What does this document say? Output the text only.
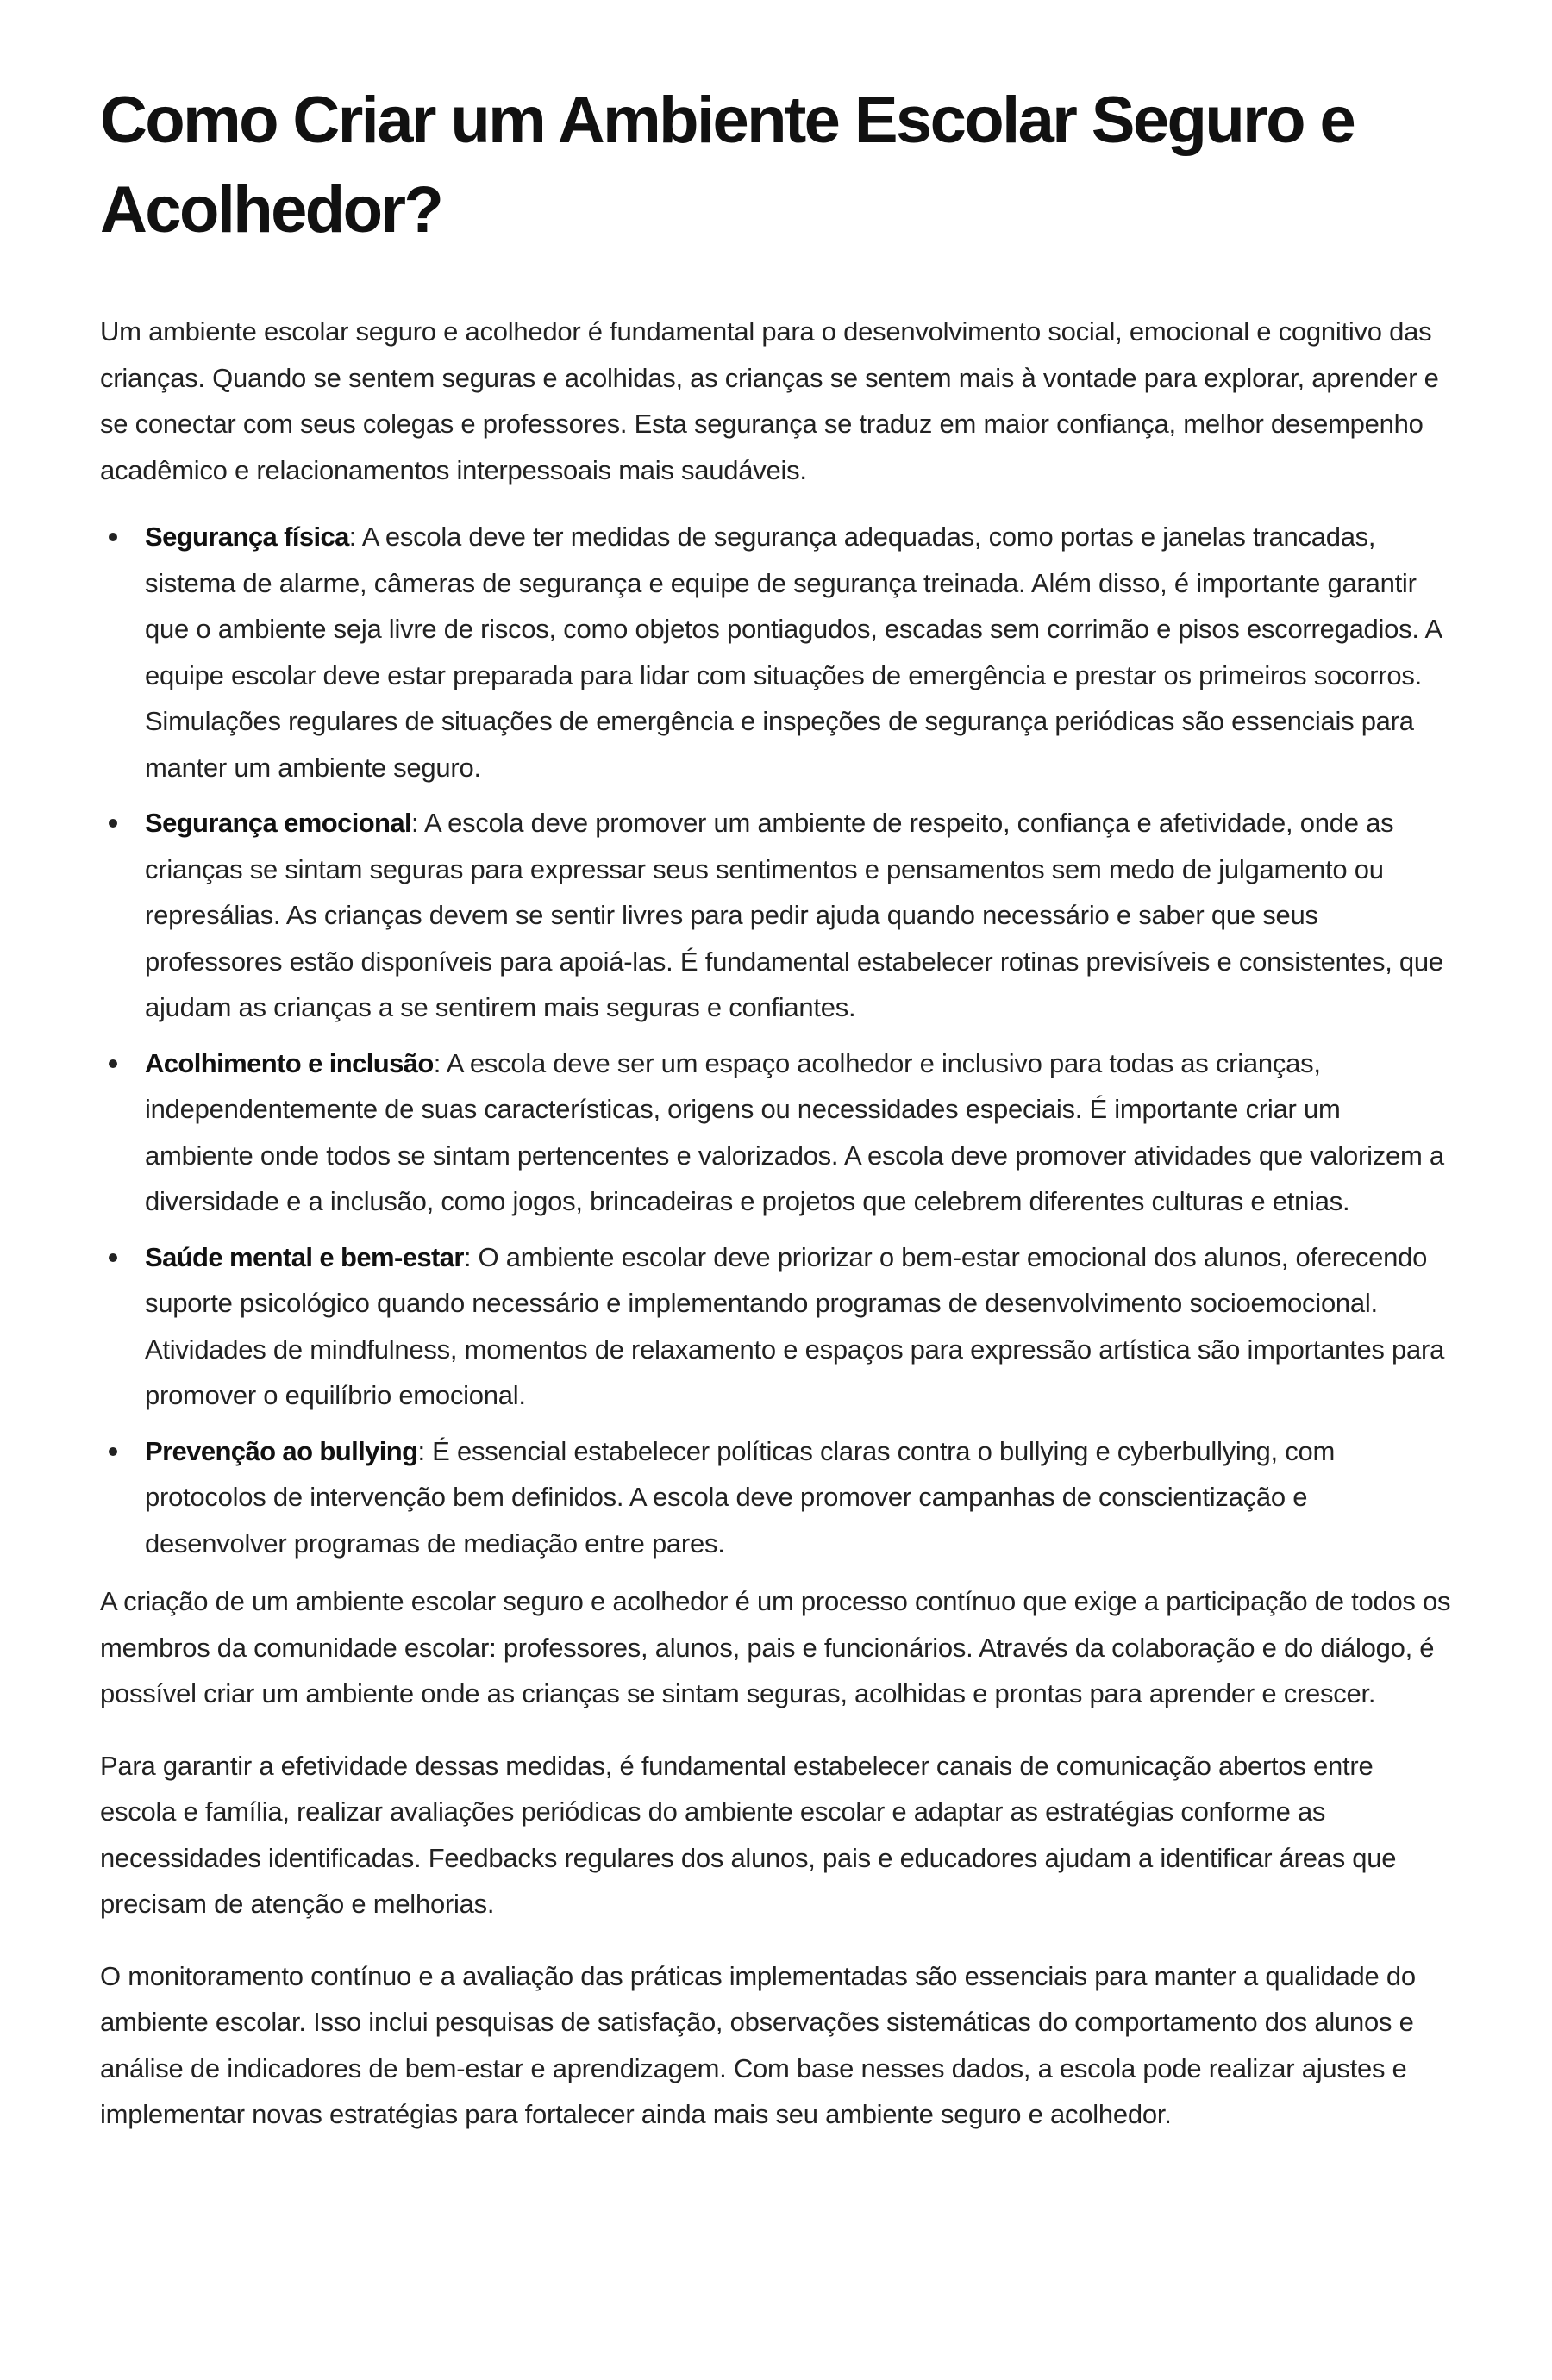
Como Criar um Ambiente Escolar Seguro e Acolhedor?

Um ambiente escolar seguro e acolhedor é fundamental para o desenvolvimento social, emocional e cognitivo das crianças. Quando se sentem seguras e acolhidas, as crianças se sentem mais à vontade para explorar, aprender e se conectar com seus colegas e professores. Esta segurança se traduz em maior confiança, melhor desempenho acadêmico e relacionamentos interpessoais mais saudáveis.

Segurança física: A escola deve ter medidas de segurança adequadas, como portas e janelas trancadas, sistema de alarme, câmeras de segurança e equipe de segurança treinada. Além disso, é importante garantir que o ambiente seja livre de riscos, como objetos pontiagudos, escadas sem corrimão e pisos escorregadios. A equipe escolar deve estar preparada para lidar com situações de emergência e prestar os primeiros socorros. Simulações regulares de situações de emergência e inspeções de segurança periódicas são essenciais para manter um ambiente seguro.
Segurança emocional: A escola deve promover um ambiente de respeito, confiança e afetividade, onde as crianças se sintam seguras para expressar seus sentimentos e pensamentos sem medo de julgamento ou represálias. As crianças devem se sentir livres para pedir ajuda quando necessário e saber que seus professores estão disponíveis para apoiá-las. É fundamental estabelecer rotinas previsíveis e consistentes, que ajudam as crianças a se sentirem mais seguras e confiantes.
Acolhimento e inclusão: A escola deve ser um espaço acolhedor e inclusivo para todas as crianças, independentemente de suas características, origens ou necessidades especiais. É importante criar um ambiente onde todos se sintam pertencentes e valorizados. A escola deve promover atividades que valorizem a diversidade e a inclusão, como jogos, brincadeiras e projetos que celebrem diferentes culturas e etnias.
Saúde mental e bem-estar: O ambiente escolar deve priorizar o bem-estar emocional dos alunos, oferecendo suporte psicológico quando necessário e implementando programas de desenvolvimento socioemocional. Atividades de mindfulness, momentos de relaxamento e espaços para expressão artística são importantes para promover o equilíbrio emocional.
Prevenção ao bullying: É essencial estabelecer políticas claras contra o bullying e cyberbullying, com protocolos de intervenção bem definidos. A escola deve promover campanhas de conscientização e desenvolver programas de mediação entre pares.

A criação de um ambiente escolar seguro e acolhedor é um processo contínuo que exige a participação de todos os membros da comunidade escolar: professores, alunos, pais e funcionários. Através da colaboração e do diálogo, é possível criar um ambiente onde as crianças se sintam seguras, acolhidas e prontas para aprender e crescer.

Para garantir a efetividade dessas medidas, é fundamental estabelecer canais de comunicação abertos entre escola e família, realizar avaliações periódicas do ambiente escolar e adaptar as estratégias conforme as necessidades identificadas. Feedbacks regulares dos alunos, pais e educadores ajudam a identificar áreas que precisam de atenção e melhorias.

O monitoramento contínuo e a avaliação das práticas implementadas são essenciais para manter a qualidade do ambiente escolar. Isso inclui pesquisas de satisfação, observações sistemáticas do comportamento dos alunos e análise de indicadores de bem-estar e aprendizagem. Com base nesses dados, a escola pode realizar ajustes e implementar novas estratégias para fortalecer ainda mais seu ambiente seguro e acolhedor.
